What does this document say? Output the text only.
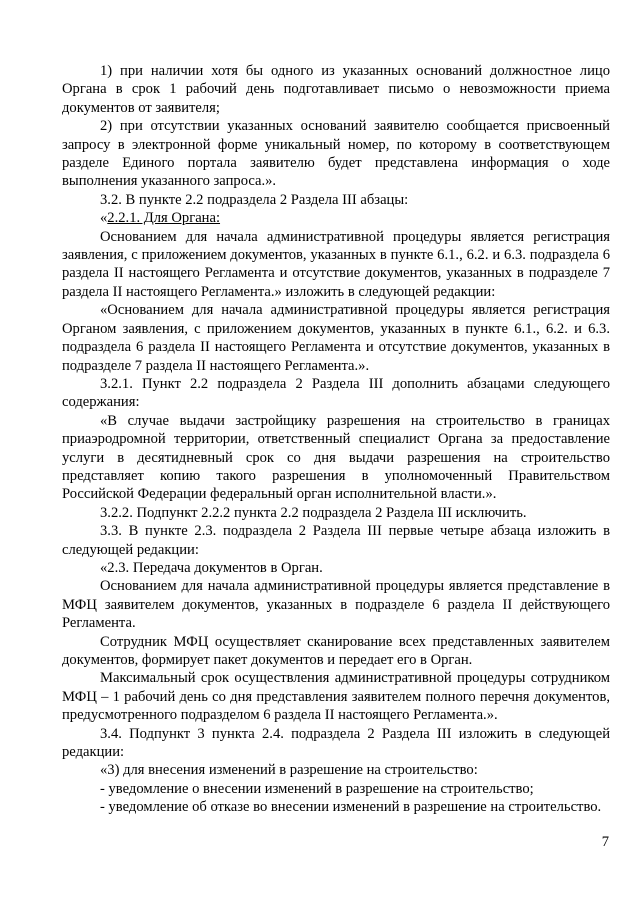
1) при наличии хотя бы одного из указанных оснований должностное лицо Органа в срок 1 рабочий день подготавливает письмо о невозможности приема документов от заявителя;

2) при отсутствии указанных оснований заявителю сообщается присвоенный запросу в электронной форме уникальный номер, по которому в соответствующем разделе Единого портала заявителю будет представлена информация о ходе выполнения указанного запроса.».

3.2. В пункте 2.2 подраздела 2 Раздела III абзацы:

«2.2.1. Для Органа:

Основанием для начала административной процедуры является регистрация заявления, с приложением документов, указанных в пункте 6.1., 6.2. и 6.3. подраздела 6 раздела II настоящего Регламента и отсутствие документов, указанных в подразделе 7 раздела II настоящего Регламента.» изложить в следующей редакции:

«Основанием для начала административной процедуры является регистрация Органом заявления, с приложением документов, указанных в пункте 6.1., 6.2. и 6.3. подраздела 6 раздела II настоящего Регламента и отсутствие документов, указанных в подразделе 7 раздела II настоящего Регламента.».

3.2.1. Пункт 2.2 подраздела 2 Раздела III дополнить абзацами следующего содержания:

«В случае выдачи застройщику разрешения на строительство в границах приаэродромной территории, ответственный специалист Органа за предоставление услуги в десятидневный срок со дня выдачи разрешения на строительство представляет копию такого разрешения в уполномоченный Правительством Российской Федерации федеральный орган исполнительной власти.».

3.2.2. Подпункт 2.2.2 пункта 2.2 подраздела 2 Раздела III исключить.

3.3. В пункте 2.3. подраздела 2 Раздела III первые четыре абзаца изложить в следующей редакции:

«2.3. Передача документов в Орган.

Основанием для начала административной процедуры является представление в МФЦ заявителем документов, указанных в подразделе 6 раздела II действующего Регламента.

Сотрудник МФЦ осуществляет сканирование всех представленных заявителем документов, формирует пакет документов и передает его в Орган.

Максимальный срок осуществления административной процедуры сотрудником МФЦ – 1 рабочий день со дня представления заявителем полного перечня документов, предусмотренного подразделом 6 раздела II настоящего Регламента.».

3.4. Подпункт 3 пункта 2.4. подраздела 2 Раздела III изложить в следующей редакции:

«3) для внесения изменений в разрешение на строительство:

- уведомление о внесении изменений в разрешение на строительство;

- уведомление об отказе во внесении изменений в разрешение на строительство.

7
